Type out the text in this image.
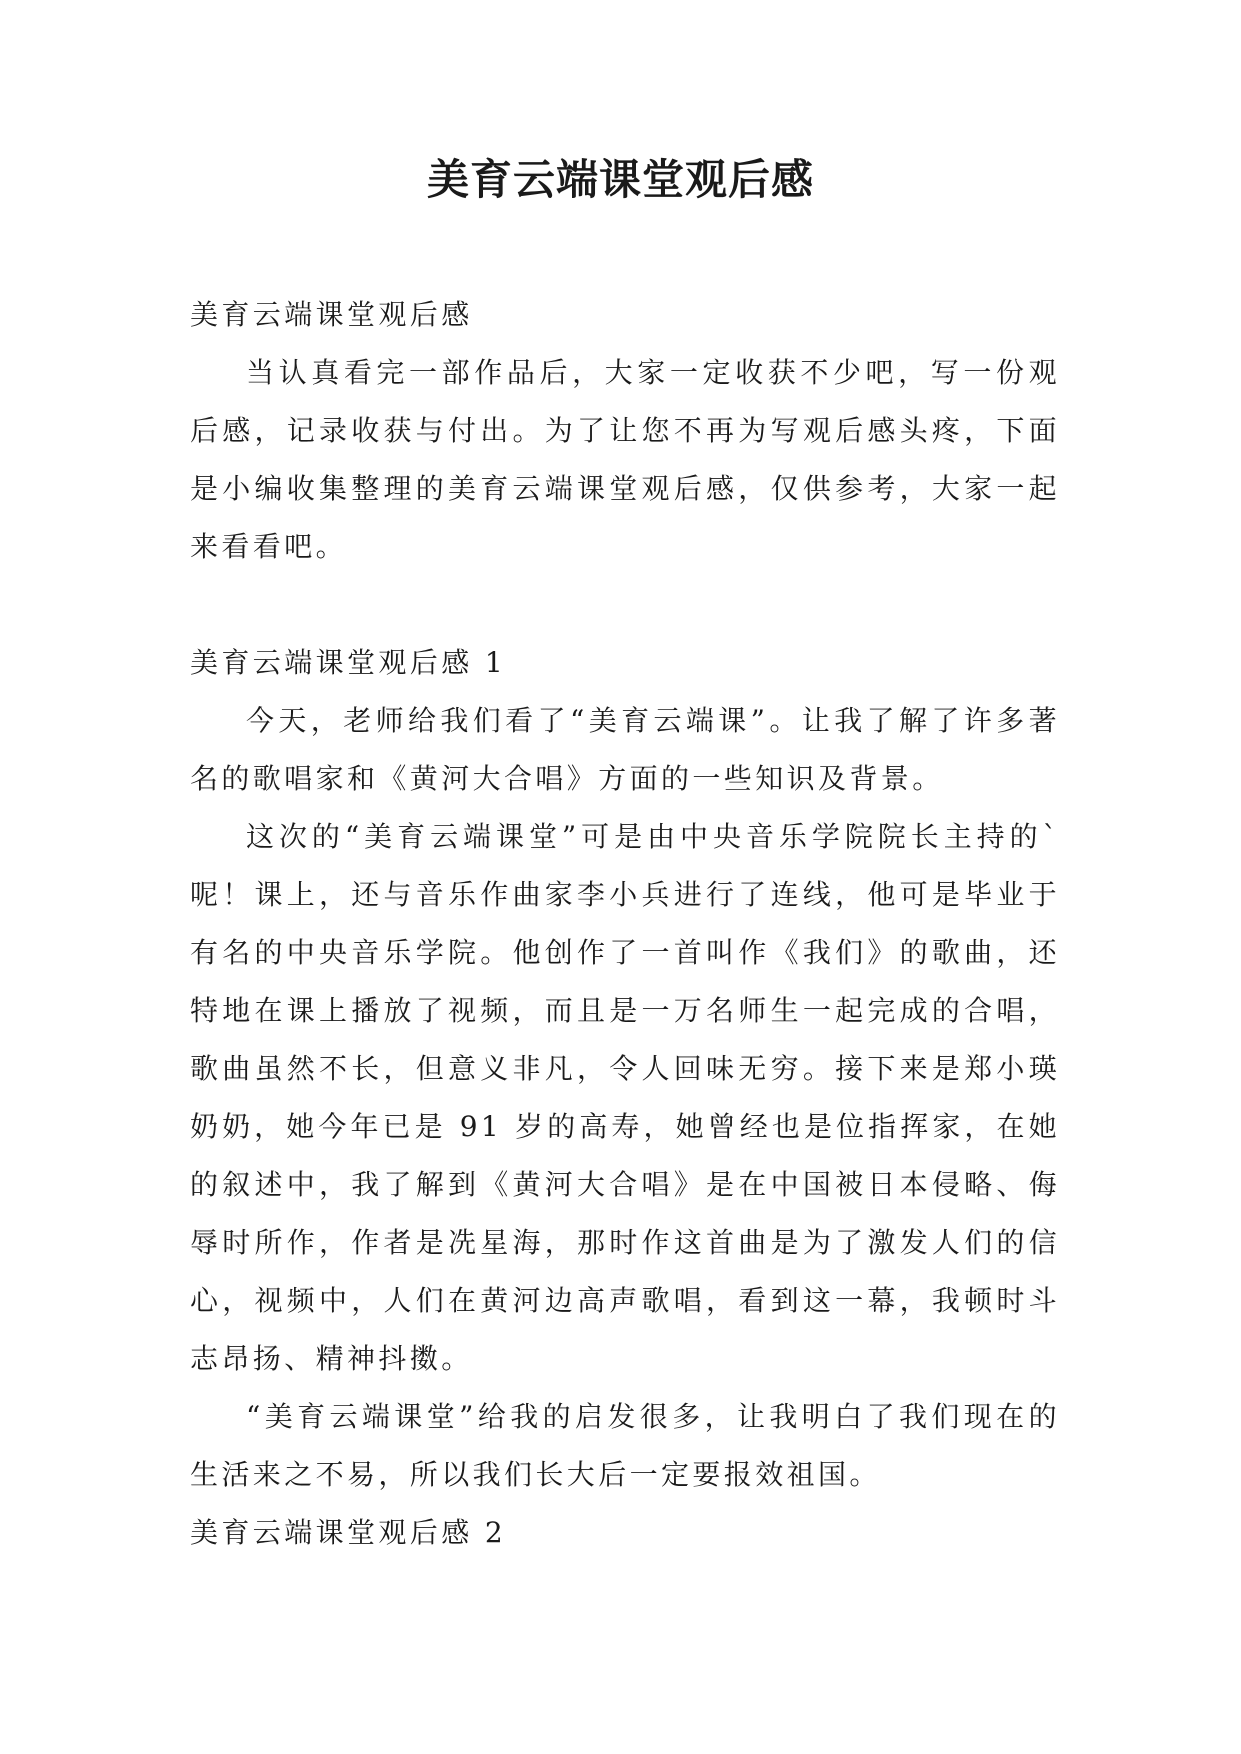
美育云端课堂观后感

美育云端课堂观后感

当认真看完一部作品后，大家一定收获不少吧，写一份观后感，记录收获与付出。为了让您不再为写观后感头疼，下面是小编收集整理的美育云端课堂观后感，仅供参考，大家一起来看看吧。

美育云端课堂观后感 1

今天，老师给我们看了“美育云端课”。让我了解了许多著名的歌唱家和《黄河大合唱》方面的一些知识及背景。

这次的“美育云端课堂”可是由中央音乐学院院长主持的`呢！课上，还与音乐作曲家李小兵进行了连线，他可是毕业于有名的中央音乐学院。他创作了一首叫作《我们》的歌曲，还特地在课上播放了视频，而且是一万名师生一起完成的合唱，歌曲虽然不长，但意义非凡，令人回味无穷。接下来是郑小瑛奶奶，她今年已是 91 岁的高寿，她曾经也是位指挥家，在她的叙述中，我了解到《黄河大合唱》是在中国被日本侵略、侮辱时所作，作者是冼星海，那时作这首曲是为了激发人们的信心，视频中，人们在黄河边高声歌唱，看到这一幕，我顿时斗志昂扬、精神抖擞。

“美育云端课堂”给我的启发很多，让我明白了我们现在的生活来之不易，所以我们长大后一定要报效祖国。

美育云端课堂观后感 2
